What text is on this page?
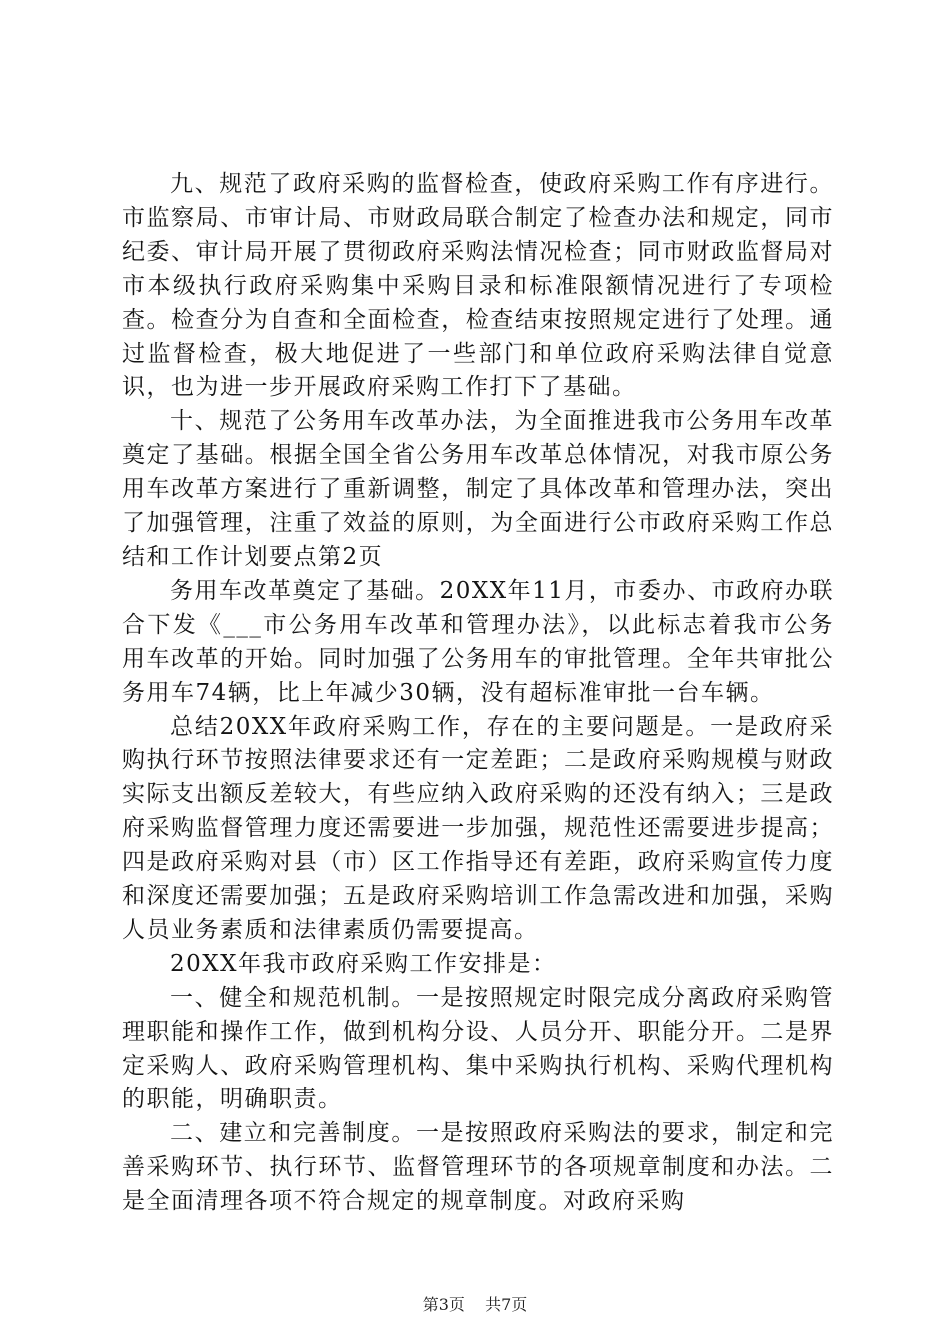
九、规范了政府采购的监督检查，使政府采购工作有序进行。市监察局、市审计局、市财政局联合制定了检查办法和规定，同市纪委、审计局开展了贯彻政府采购法情况检查；同市财政监督局对市本级执行政府采购集中采购目录和标准限额情况进行了专项检查。检查分为自查和全面检查，检查结束按照规定进行了处理。通过监督检查，极大地促进了一些部门和单位政府采购法律自觉意识，也为进一步开展政府采购工作打下了基础。

十、规范了公务用车改革办法，为全面推进我市公务用车改革奠定了基础。根据全国全省公务用车改革总体情况，对我市原公务用车改革方案进行了重新调整，制定了具体改革和管理办法，突出了加强管理，注重了效益的原则，为全面进行公市政府采购工作总结和工作计划要点第2页

务用车改革奠定了基础。20XX年11月，市委办、市政府办联合下发《___市公务用车改革和管理办法》，以此标志着我市公务用车改革的开始。同时加强了公务用车的审批管理。全年共审批公务用车74辆，比上年减少30辆，没有超标准审批一台车辆。

总结20XX年政府采购工作，存在的主要问题是。一是政府采购执行环节按照法律要求还有一定差距；二是政府采购规模与财政实际支出额反差较大，有些应纳入政府采购的还没有纳入；三是政府采购监督管理力度还需要进一步加强，规范性还需要进步提高；四是政府采购对县（市）区工作指导还有差距，政府采购宣传力度和深度还需要加强；五是政府采购培训工作急需改进和加强，采购人员业务素质和法律素质仍需要提高。

20XX年我市政府采购工作安排是：

一、健全和规范机制。一是按照规定时限完成分离政府采购管理职能和操作工作，做到机构分设、人员分开、职能分开。二是界定采购人、政府采购管理机构、集中采购执行机构、采购代理机构的职能，明确职责。

二、建立和完善制度。一是按照政府采购法的要求，制定和完善采购环节、执行环节、监督管理环节的各项规章制度和办法。二是全面清理各项不符合规定的规章制度。对政府采购

第3页 共7页
